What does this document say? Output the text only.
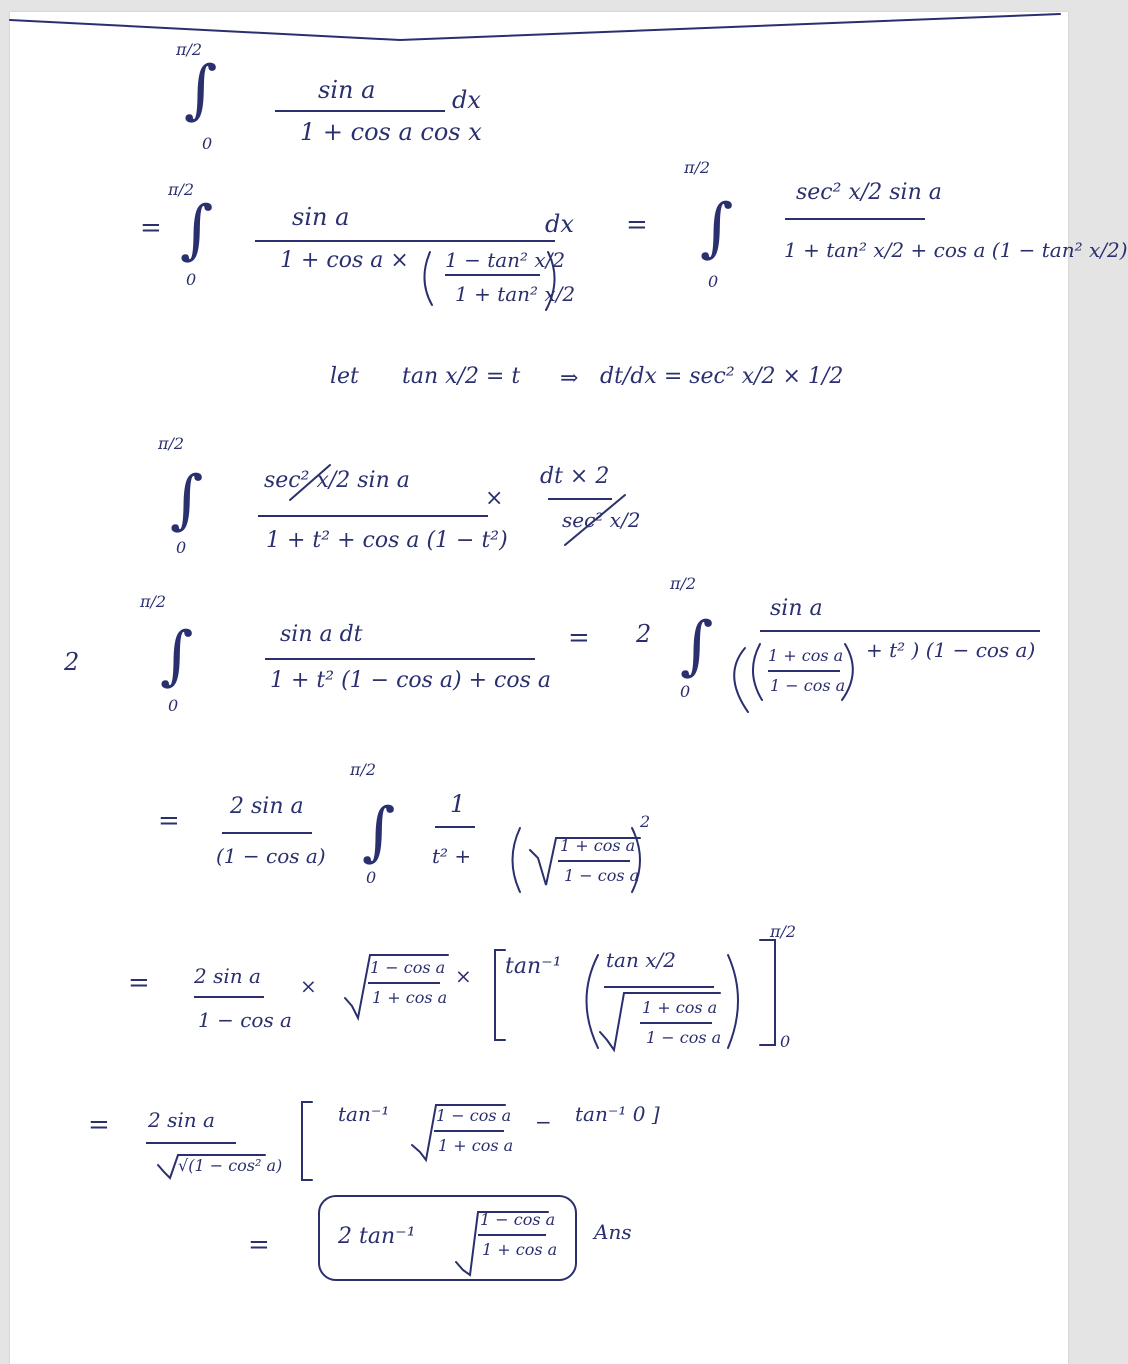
π/2
∫
0
sin a
1 + cos a cos x
dx
=
π/2
∫
0
sin a
1 + cos a × 1 − tan² x/2
1 + tan² x/2
dx =
π/2
∫
0
sec² x/2 sin a
1 + tan² x/2 + cos a (1 − tan² x/2)
let tan x/2 = t ⇒ dt/dx = sec² x/2 × 1/2
π/2
∫
0
sec² x/2 sin a
1 + t² + cos a (1 − t²)
×
dt × 2
sec² x/2
2
π/2
∫
0
sin a dt
1 + t² (1 − cos a) + cos a
= 2
π/2
∫
0
sin a
1 + cos a
1 − cos a
+ t² ) (1 − cos a)
= 2 sin a
(1 − cos a)
π/2
∫
0
1
t² +	1 + cos a
1 − cos a
2
= 2 sin a
1 − cos a
×
1 − cos a
1 + cos a
× tan⁻¹ tan x/2
1 + cos a
1 − cos a
π/2
0
= 2 sin a
√(1 − cos² a)
tan⁻¹	1 − cos a
1 + cos a
− tan⁻¹ 0 ]
=	2 tan⁻¹
1 − cos a
1 + cos a
Ans
